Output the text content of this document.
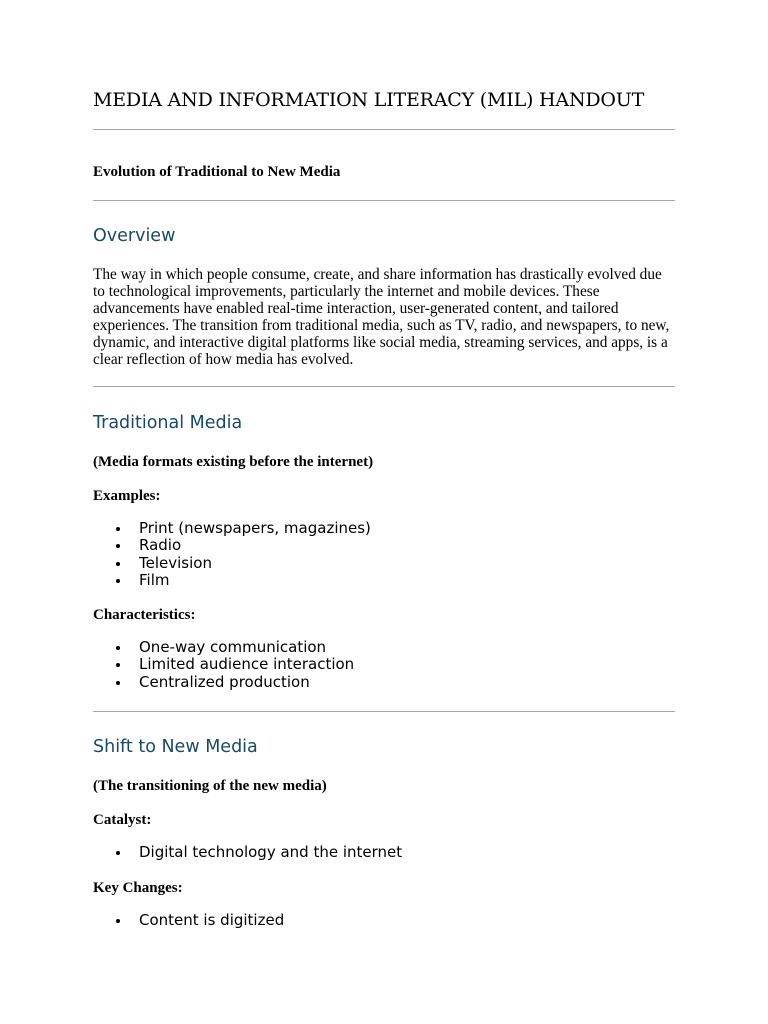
MEDIA AND INFORMATION LITERACY (MIL) HANDOUT

Evolution of Traditional to New Media

Overview

The way in which people consume, create, and share information has drastically evolved due to technological improvements, particularly the internet and mobile devices. These advancements have enabled real-time interaction, user-generated content, and tailored experiences. The transition from traditional media, such as TV, radio, and newspapers, to new, dynamic, and interactive digital platforms like social media, streaming services, and apps, is a clear reflection of how media has evolved.

Traditional Media

(Media formats existing before the internet)

Examples:

Print (newspapers, magazines)
Radio
Television
Film

Characteristics:

One-way communication
Limited audience interaction
Centralized production
Shift to New Media

(The transitioning of the new media)

Catalyst:

Digital technology and the internet

Key Changes:

Content is digitized
